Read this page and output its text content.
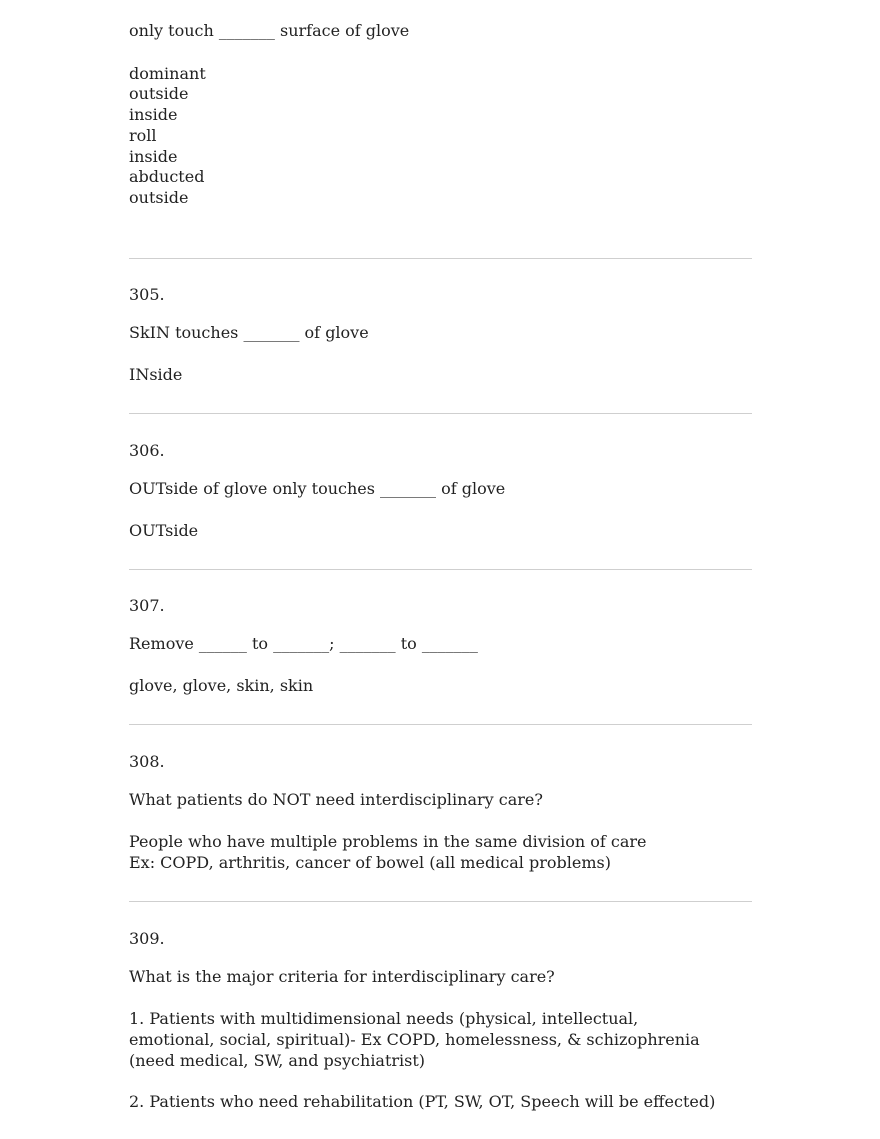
only touch _______ surface of glove

dominant

outside

inside

roll

inside

abducted

outside

305.

SkIN touches _______ of glove

INside

306.

OUTside of glove only touches _______ of glove

OUTside

307.

Remove ______ to _______; _______ to _______

glove, glove, skin, skin

308.

What patients do NOT need interdisciplinary care?

People who have multiple problems in the same division of care

Ex: COPD, arthritis, cancer of bowel (all medical problems)

309.

What is the major criteria for interdisciplinary care?

1. Patients with multidimensional needs (physical, intellectual,

emotional, social, spiritual)- Ex COPD, homelessness, & schizophrenia

(need medical, SW, and psychiatrist)

2. Patients who need rehabilitation (PT, SW, OT, Speech will be effected)
